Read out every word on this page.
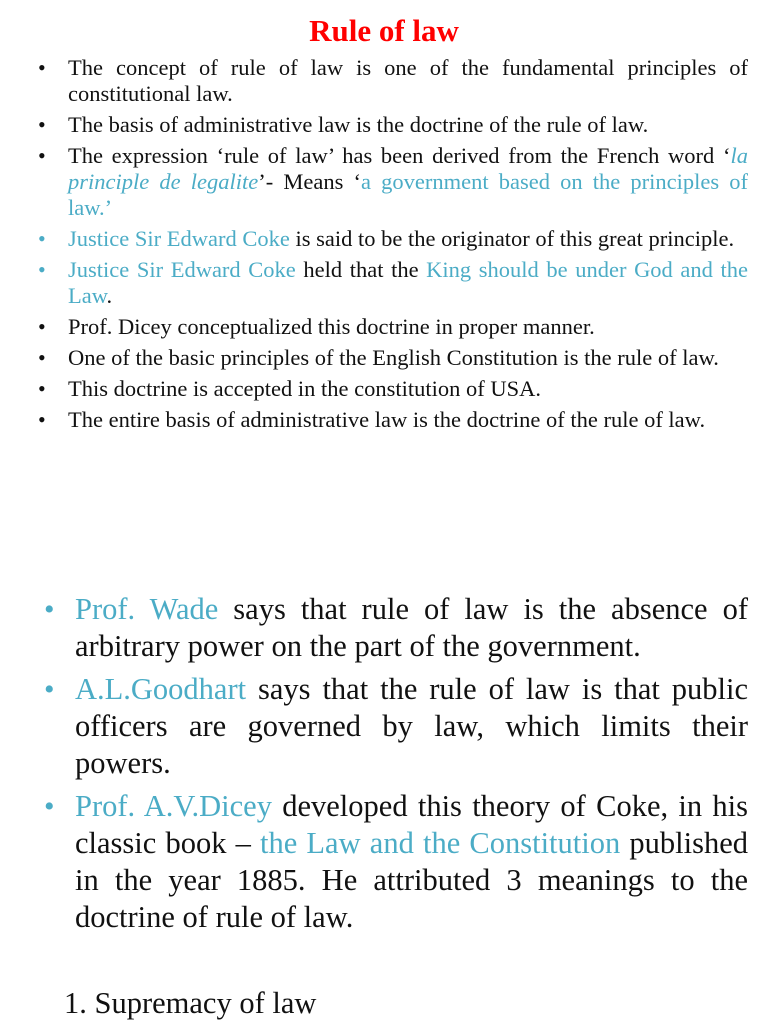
Rule of law
• The concept of rule of law is one of the fundamental principles of constitutional law.
• The basis of administrative law is the doctrine of the rule of law.
• The expression ‘rule of law’ has been derived from the French word ‘la principle de legalite’- Means ‘a government based on the principles of law.’
• Justice Sir Edward Coke is said to be the originator of this great principle.
• Justice Sir Edward Coke held that the King should be under God and the Law.
• Prof. Dicey conceptualized this doctrine in proper manner.
• One of the basic principles of the English Constitution is the rule of law.
• This doctrine is accepted in the constitution of USA.
• The entire basis of administrative law is the doctrine of the rule of law.
• Prof. Wade says that rule of law is the absence of arbitrary power on the part of the government.
• A.L.Goodhart says that the rule of law is that public officers are governed by law, which limits their powers.
• Prof. A.V.Dicey developed this theory of Coke, in his classic book – the Law and the Constitution published in the year 1885. He attributed 3 meanings to the doctrine of rule of law.
1. Supremacy of law
